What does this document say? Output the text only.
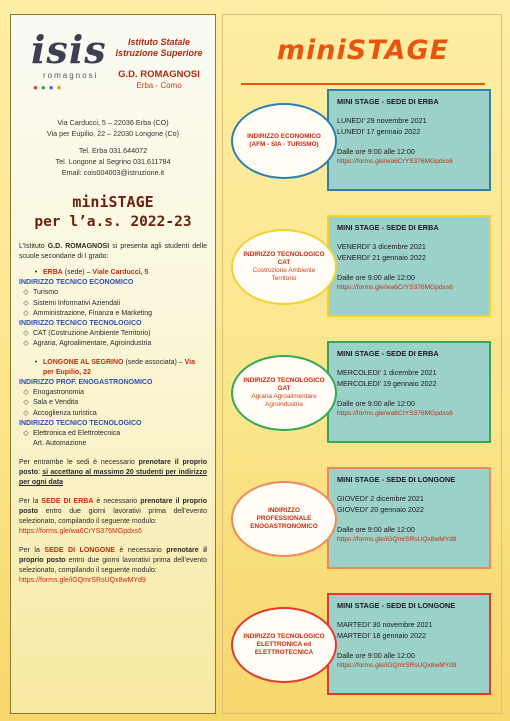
isis
romagnosi
●●●●
Istituto Statale
Istruzione Superiore
G.D. ROMAGNOSI
Erba - Como
Via Carducci, 5 – 22036 Erba (CO)
Via per Eupilio, 22 – 22030 Longone (Co)
Tel. Erba 031.644072
Tel. Longone al Segrino 031.611784
Email: cois004003@istruzione.it
miniSTAGE
per l’a.s. 2022-23
L’Istituto G.D. ROMAGNOSI si presenta agli studenti delle scuole secondarie di I grado:
• ERBA (sede) – Viale Carducci, 5
INDIRIZZO TECNICO ECONOMICO
◇ Turismo
◇ Sistemi Informativi Aziendali
◇ Amministrazione, Finanza e Marketing
INDIRIZZO TECNICO TECNOLOGICO
◇ CAT (Costruzione Ambiente Territorio)
◇ Agraria, Agroalimentare, Agroindustria
• LONGONE AL SEGRINO (sede associata) – Via per Eupilio, 22
INDIRIZZO PROF. ENOGASTRONOMICO
◇ Enogastronomia
◇ Sala e Vendita
◇ Accoglienza turistica
INDIRIZZO TECNICO TECNOLOGICO
◇ Elettronica ed Elettrotecnica
Art. Automazione
Per entrambe le sedi è necessario prenotare il proprio posto: si accettano al massimo 20 studenti per indirizzo per ogni data
Per la SEDE DI ERBA è necessario prenotare il proprio posto entro due giorni lavorativi prima dell’evento selezionato, compilando il seguente modulo:
https://forms.gle/wa6CrYS376MGpdxs6
Per la SEDE DI LONGONE è necessario prenotare il proprio posto entro due giorni lavorativi prima dell’evento selezionato, compilando il seguente modulo:
https://forms.gle/iGQmrSRsUQx8wMYd9
miniSTAGE
MINI STAGE - SEDE DI ERBA
LUNEDI’ 29 novembre 2021
LUNEDI’ 17 gennaio 2022
Dalle ore 9:00 alle 12:00
https://forms.gle/wa6CrYS376MGpdxs6
INDIRIZZO ECONOMICO (AFM - SIA - TURISMO)
MINI STAGE - SEDE DI ERBA
VENERDI’ 3 dicembre 2021
VENERDI’ 21 gennaio 2022
Dalle ore 9:00 alle 12:00
https://forms.gle/wa6CrYS376MGpdxs6
INDIRIZZO TECNOLOGICO CAT
Costruzione Ambiente Territorio
MINI STAGE - SEDE DI ERBA
MERCOLEDI’ 1 dicembre 2021
MERCOLEDI’ 19 gennaio 2022
Dalle ore 9:00 alle 12:00
https://forms.gle/wa6CrYS376MGpdxs6
INDIRIZZO TECNOLOGICO GAT
Agraria Agroalimentare Agroindustria
MINI STAGE - SEDE DI LONGONE
GIOVEDI’ 2 dicembre 2021
GIOVEDI’ 20 gennaio 2022
Dalle ore 9:00 alle 12:00
https://forms.gle/iGQmrSRsUQx8wMYd9
INDIRIZZO PROFESSIONALE ENOGASTRONOMICO
MINI STAGE - SEDE DI LONGONE
MARTEDI’ 30 novembre 2021
MARTEDI’ 18 gennaio 2022
Dalle ore 9:00 alle 12:00
https://forms.gle/iGQmrSRsUQx8wMYd9
INDIRIZZO TECNOLOGICO ELETTRONICA ed ELETTROTECNICA
